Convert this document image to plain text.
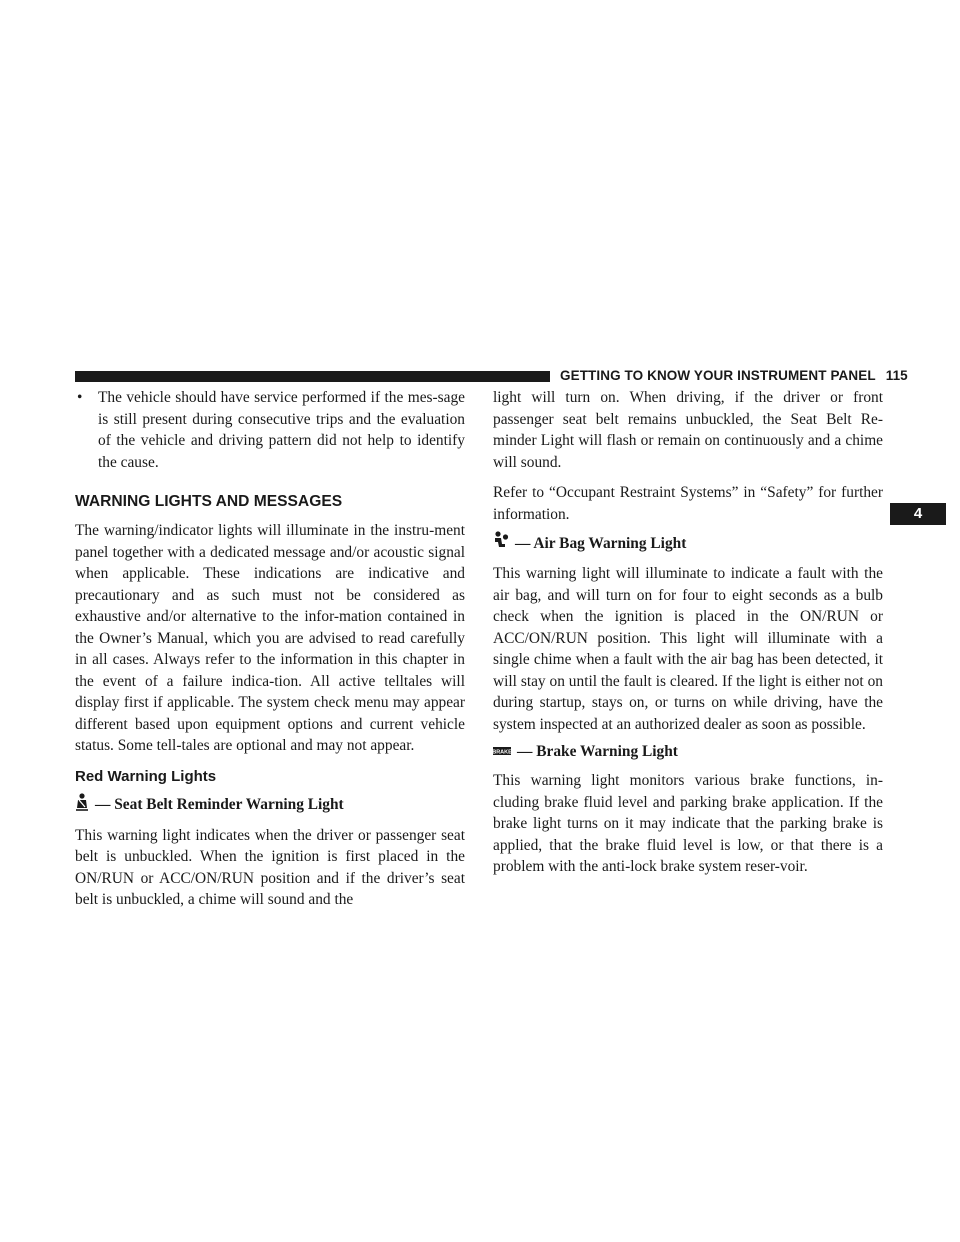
GETTING TO KNOW YOUR INSTRUMENT PANEL 115
4

• The vehicle should have service performed if the mes-sage is still present during consecutive trips and the evaluation of the vehicle and driving pattern did not help to identify the cause.

WARNING LIGHTS AND MESSAGES

The warning/indicator lights will illuminate in the instru-ment panel together with a dedicated message and/or acoustic signal when applicable. These indications are indicative and precautionary and as such must not be considered as exhaustive and/or alternative to the infor-mation contained in the Owner’s Manual, which you are advised to read carefully in all cases. Always refer to the information in this chapter in the event of a failure indica-tion. All active telltales will display first if applicable. The system check menu may appear different based upon equipment options and current vehicle status. Some tell-tales are optional and may not appear.

Red Warning Lights
— Seat Belt Reminder Warning Light

This warning light indicates when the driver or passenger seat belt is unbuckled. When the ignition is first placed in the ON/RUN or ACC/ON/RUN position and if the driver’s seat belt is unbuckled, a chime will sound and the

light will turn on. When driving, if the driver or front passenger seat belt remains unbuckled, the Seat Belt Re-minder Light will flash or remain on continuously and a chime will sound.

Refer to “Occupant Restraint Systems” in “Safety” for further information.

— Air Bag Warning Light

This warning light will illuminate to indicate a fault with the air bag, and will turn on for four to eight seconds as a bulb check when the ignition is placed in the ON/RUN or ACC/ON/RUN position. This light will illuminate with a single chime when a fault with the air bag has been detected, it will stay on until the fault is cleared. If the light is either not on during startup, stays on, or turns on while driving, have the system inspected at an authorized dealer as soon as possible.

BRAKE — Brake Warning Light

This warning light monitors various brake functions, in-cluding brake fluid level and parking brake application. If the brake light turns on it may indicate that the parking brake is applied, that the brake fluid level is low, or that there is a problem with the anti-lock brake system reser-voir.
